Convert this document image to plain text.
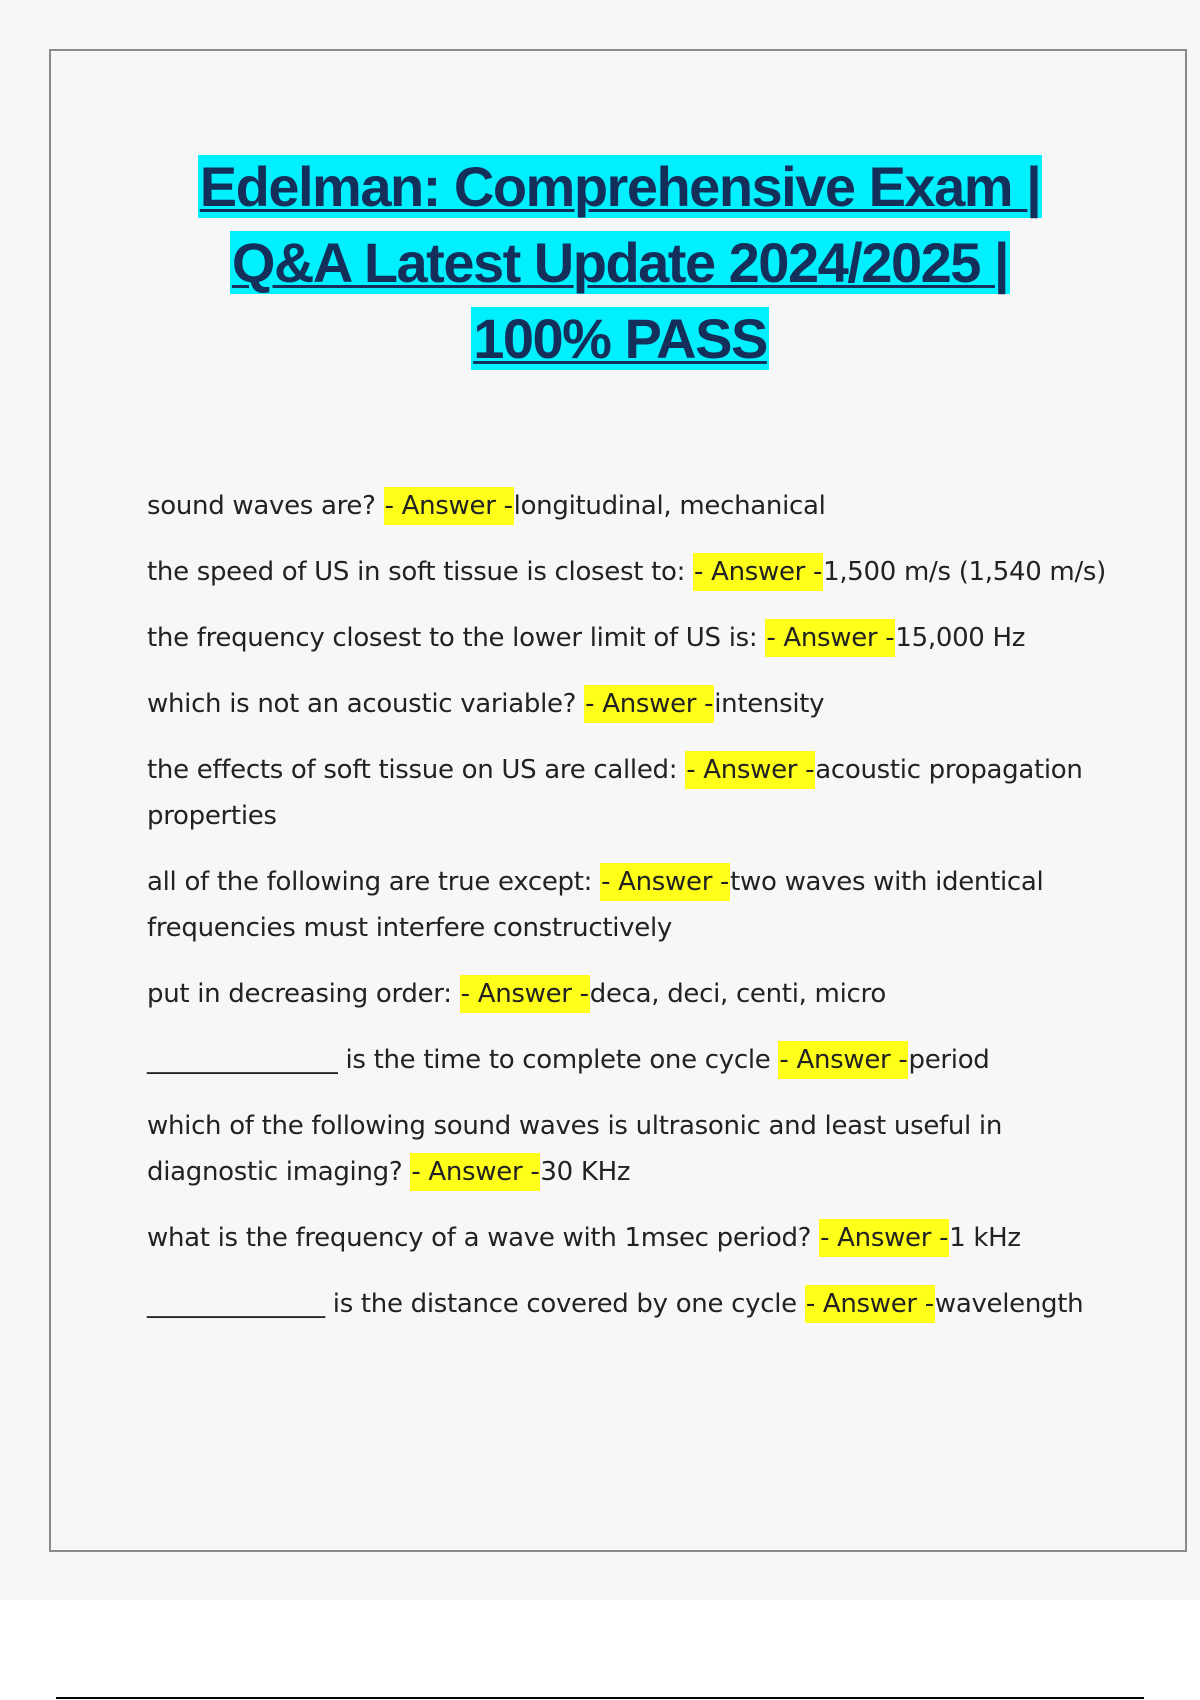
Edelman: Comprehensive Exam |
Q&A Latest Update 2024/2025 |
100% PASS

sound waves are? - Answer -longitudinal, mechanical

the speed of US in soft tissue is closest to: - Answer -1,500 m/s (1,540 m/s)

the frequency closest to the lower limit of US is: - Answer -15,000 Hz

which is not an acoustic variable? - Answer -intensity

the effects of soft tissue on US are called: - Answer -acoustic propagation properties

all of the following are true except: - Answer -two waves with identical frequencies must interfere constructively

put in decreasing order: - Answer -deca, deci, centi, micro

_______________ is the time to complete one cycle - Answer -period

which of the following sound waves is ultrasonic and least useful in diagnostic imaging? - Answer -30 KHz

what is the frequency of a wave with 1msec period? - Answer -1 kHz

______________ is the distance covered by one cycle - Answer -wavelength
